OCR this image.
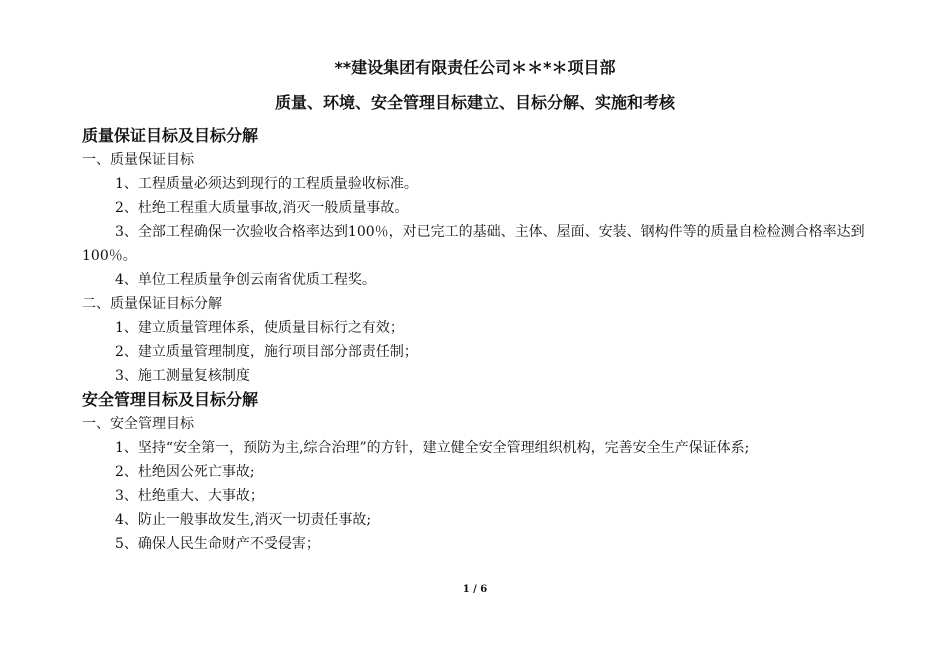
**建设集团有限责任公司＊＊*＊项目部
质量、环境、安全管理目标建立、目标分解、实施和考核
质量保证目标及目标分解
一、质量保证目标
1、工程质量必须达到现行的工程质量验收标准。
2、杜绝工程重大质量事故,消灭一般质量事故。
3、全部工程确保一次验收合格率达到100％，对已完工的基础、主体、屋面、安装、钢构件等的质量自检检测合格率达到100％。
4、单位工程质量争创云南省优质工程奖。
二、质量保证目标分解
1、建立质量管理体系，使质量目标行之有效；
2、建立质量管理制度，施行项目部分部责任制；
3、施工测量复核制度
安全管理目标及目标分解
一、安全管理目标
1、坚持“安全第一，预防为主,综合治理”的方针，建立健全安全管理组织机构，完善安全生产保证体系;
2、杜绝因公死亡事故;
3、杜绝重大、大事故；
4、防止一般事故发生,消灭一切责任事故;
5、确保人民生命财产不受侵害；
1 / 6
